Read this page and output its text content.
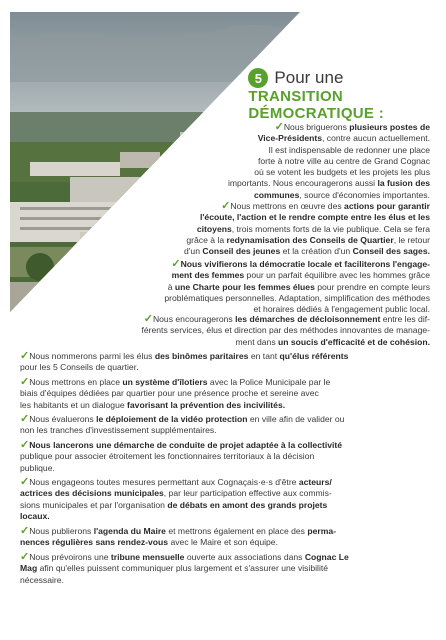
5 Pour une
TRANSITION
DÉMOCRATIQUE :
✓Nous briguerons plusieurs postes de
Vice-Présidents, contre aucun actuellement.
Il est indispensable de redonner une place
forte à notre ville au centre de Grand Cognac
où se votent les budgets et les projets les plus
importants. Nous encouragerons aussi la fusion des
communes, source d'économies importantes.
✓Nous mettrons en œuvre des actions pour garantir
l'écoute, l'action et le rendre compte entre les élus et les
citoyens, trois moments forts de la vie publique. Cela se fera
grâce à la redynamisation des Conseils de Quartier, le retour
d'un Conseil des jeunes et la création d'un Conseil des sages.
✓Nous vivifierons la démocratie locale et faciliterons l'engage-
ment des femmes pour un parfait équilibre avec les hommes grâce
à une Charte pour les femmes élues pour prendre en compte leurs
problématiques personnelles. Adaptation, simplification des méthodes
et horaires dédiés à l'engagement public local.
✓Nous encouragerons les démarches de décloisonnement entre les dif-
férents services, élus et direction par des méthodes innovantes de manage-
ment dans un soucis d'efficacité et de cohésion.
✓Nous nommerons parmi les élus des binômes paritaires en tant qu'élus référents
pour les 5 Conseils de quartier.
✓Nous mettrons en place un système d'îlotiers avec la Police Municipale par le
biais d'équipes dédiées par quartier pour une présence proche et sereine avec
les habitants et un dialogue favorisant la prévention des incivilités.
✓Nous évaluerons le déploiement de la vidéo protection en ville afin de valider ou
non les tranches d'investissement supplémentaires.
✓Nous lancerons une démarche de conduite de projet adaptée à la collectivité
publique pour associer étroitement les fonctionnaires territoriaux à la décision
publique.
✓Nous engageons toutes mesures permettant aux Cognaçais·e·s d'être acteurs/
actrices des décisions municipales, par leur participation effective aux commis-
sions municipales et par l'organisation de débats en amont des grands projets
locaux.
✓Nous publierons l'agenda du Maire et mettrons également en place des perma-
nences régulières sans rendez-vous avec le Maire et son équipe.
✓Nous prévoirons une tribune mensuelle ouverte aux associations dans Cognac Le
Mag afin qu'elles puissent communiquer plus largement et s'assurer une visibilité
nécessaire.
